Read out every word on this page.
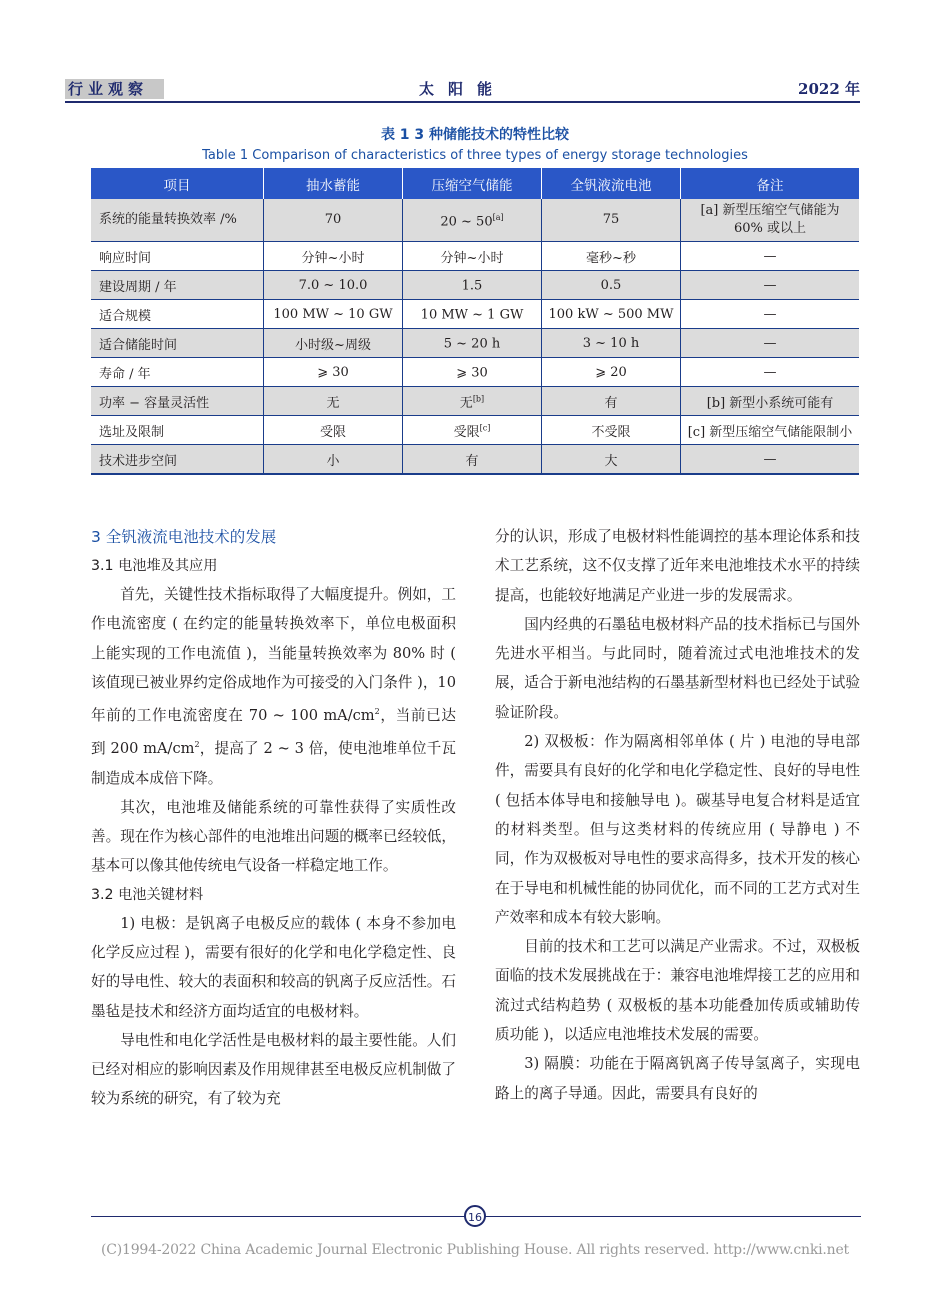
行业观察	太阳能	2022 年
表 1 3 种储能技术的特性比较
Table 1 Comparison of characteristics of three types of energy storage technologies
项目	抽水蓄能	压缩空气储能	全钒液流电池	备注
系统的能量转换效率 /%	70	20 ~ 50[a]	75	[a] 新型压缩空气储能为 60% 或以上
响应时间	分钟~小时	分钟~小时	毫秒~秒	—
建设周期 / 年	7.0 ~ 10.0	1.5	0.5	—
适合规模	100 MW ~ 10 GW	10 MW ~ 1 GW	100 kW ~ 500 MW	—
适合储能时间	小时级~周级	5 ~ 20 h	3 ~ 10 h	—
寿命 / 年	⩾ 30	⩾ 30	⩾ 20	—
功率 − 容量灵活性	无	无[b]	有	[b] 新型小系统可能有
选址及限制	受限	受限[c]	不受限	[c] 新型压缩空气储能限制小
技术进步空间	小	有	大	—
3 全钒液流电池技术的发展
3.1 电池堆及其应用

首先，关键性技术指标取得了大幅度提升。例如，工作电流密度 ( 在约定的能量转换效率下，单位电极面积上能实现的工作电流值 )，当能量转换效率为 80% 时 ( 该值现已被业界约定俗成地作为可接受的入门条件 )，10 年前的工作电流密度在 70 ~ 100 $mA/cm^2$，当前已达到 200 $mA/cm^2$，提高了 2 ~ 3 倍，使电池堆单位千瓦制造成本成倍下降。

其次，电池堆及储能系统的可靠性获得了实质性改善。现在作为核心部件的电池堆出问题的概率已经较低，基本可以像其他传统电气设备一样稳定地工作。

3.2 电池关键材料

1) 电极：是钒离子电极反应的载体 ( 本身不参加电化学反应过程 )，需要有很好的化学和电化学稳定性、良好的导电性、较大的表面积和较高的钒离子反应活性。石墨毡是技术和经济方面均适宜的电极材料。

导电性和电化学活性是电极材料的最主要性能。人们已经对相应的影响因素及作用规律甚至电极反应机制做了较为系统的研究，有了较为充

分的认识，形成了电极材料性能调控的基本理论体系和技术工艺系统，这不仅支撑了近年来电池堆技术水平的持续提高，也能较好地满足产业进一步的发展需求。

国内经典的石墨毡电极材料产品的技术指标已与国外先进水平相当。与此同时，随着流过式电池堆技术的发展，适合于新电池结构的石墨基新型材料也已经处于试验验证阶段。

2) 双极板：作为隔离相邻单体 ( 片 ) 电池的导电部件，需要具有良好的化学和电化学稳定性、良好的导电性 ( 包括本体导电和接触导电 )。碳基导电复合材料是适宜的材料类型。但与这类材料的传统应用 ( 导静电 ) 不同，作为双极板对导电性的要求高得多，技术开发的核心在于导电和机械性能的协同优化，而不同的工艺方式对生产效率和成本有较大影响。

目前的技术和工艺可以满足产业需求。不过，双极板面临的技术发展挑战在于：兼容电池堆焊接工艺的应用和流过式结构趋势 ( 双极板的基本功能叠加传质或辅助传质功能 )，以适应电池堆技术发展的需要。

3) 隔膜：功能在于隔离钒离子传导氢离子，实现电路上的离子导通。因此，需要具有良好的

16
(C)1994-2022 China Academic Journal Electronic Publishing House. All rights reserved. http://www.cnki.net
